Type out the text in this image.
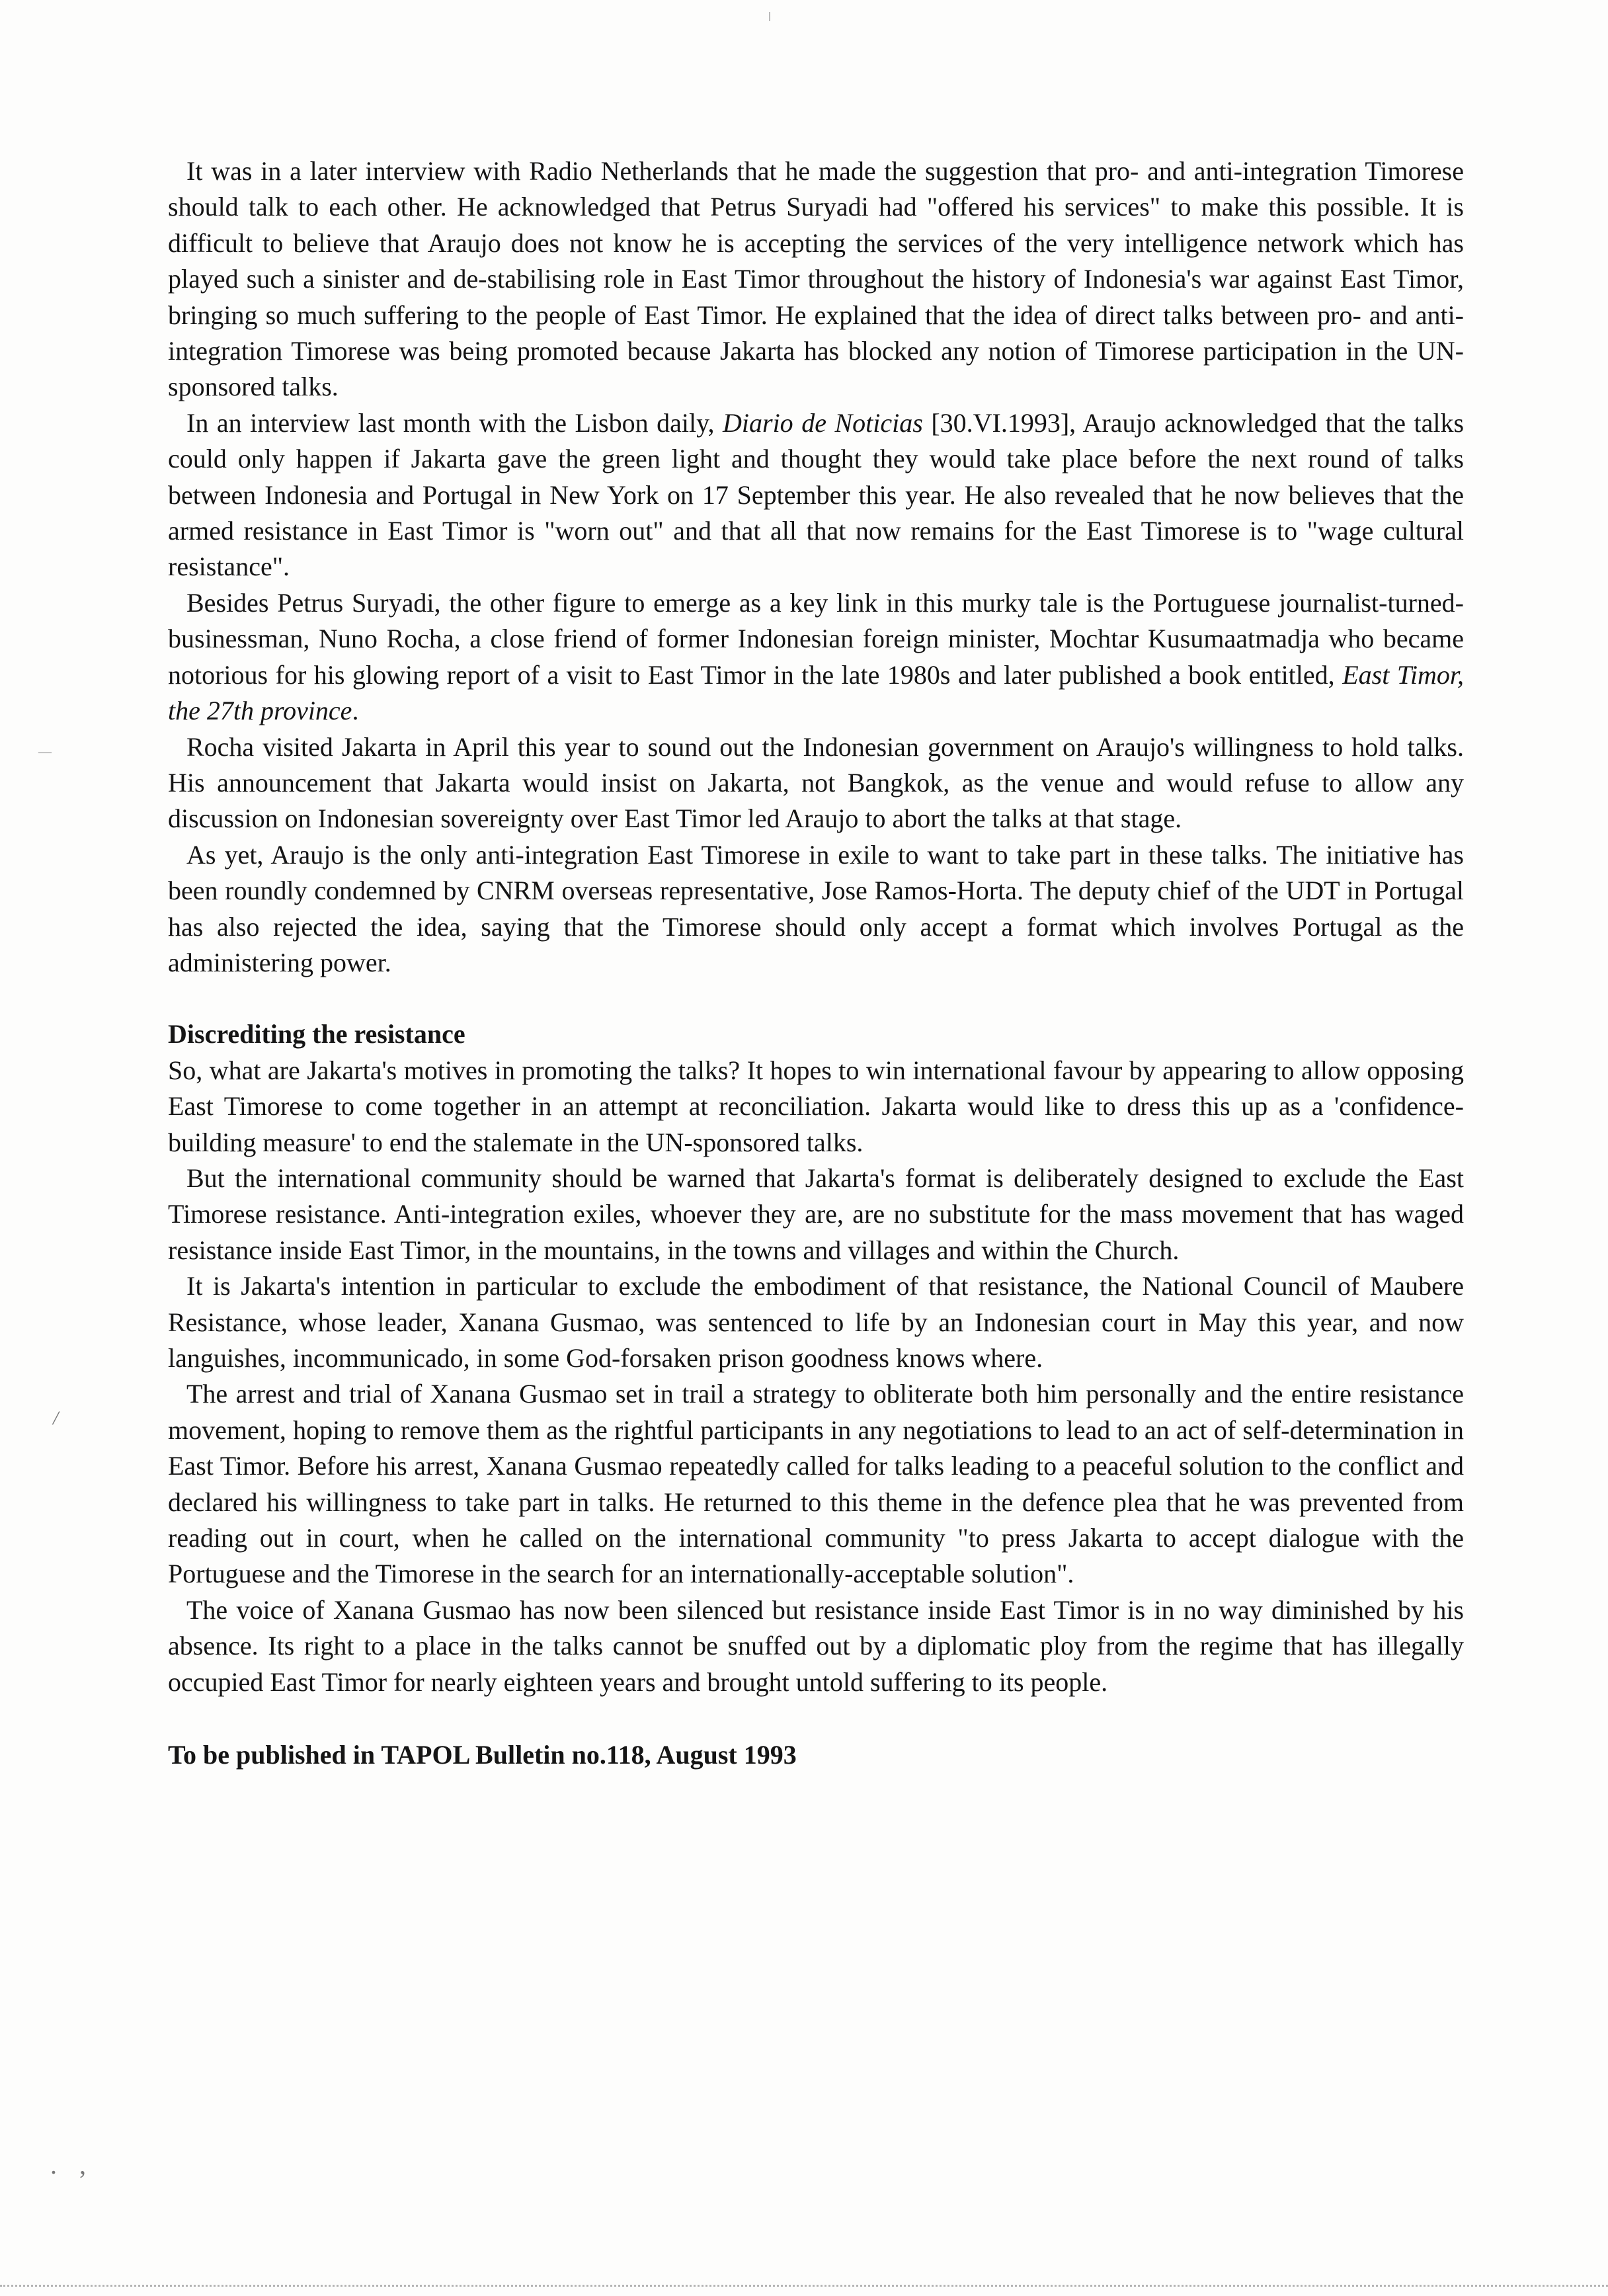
—
/
. ,

It was in a later interview with Radio Netherlands that he made the suggestion that pro- and anti-integration Timorese should talk to each other. He acknowledged that Petrus Suryadi had "offered his services" to make this possible. It is difficult to believe that Araujo does not know he is accepting the services of the very intelligence network which has played such a sinister and de-stabilising role in East Timor throughout the history of Indonesia's war against East Timor, bringing so much suffering to the people of East Timor. He explained that the idea of direct talks between pro- and anti-integration Timorese was being promoted because Jakarta has blocked any notion of Timorese participation in the UN-sponsored talks.

In an interview last month with the Lisbon daily, Diario de Noticias [30.VI.1993], Araujo acknowledged that the talks could only happen if Jakarta gave the green light and thought they would take place before the next round of talks between Indonesia and Portugal in New York on 17 September this year. He also revealed that he now believes that the armed resistance in East Timor is "worn out" and that all that now remains for the East Timorese is to "wage cultural resistance".

Besides Petrus Suryadi, the other figure to emerge as a key link in this murky tale is the Portuguese journalist-turned-businessman, Nuno Rocha, a close friend of former Indonesian foreign minister, Mochtar Kusumaatmadja who became notorious for his glowing report of a visit to East Timor in the late 1980s and later published a book entitled, East Timor, the 27th province.

Rocha visited Jakarta in April this year to sound out the Indonesian government on Araujo's willingness to hold talks. His announcement that Jakarta would insist on Jakarta, not Bangkok, as the venue and would refuse to allow any discussion on Indonesian sovereignty over East Timor led Araujo to abort the talks at that stage.

As yet, Araujo is the only anti-integration East Timorese in exile to want to take part in these talks. The initiative has been roundly condemned by CNRM overseas representative, Jose Ramos-Horta. The deputy chief of the UDT in Portugal has also rejected the idea, saying that the Timorese should only accept a format which involves Portugal as the administering power.

Discrediting the resistance

So, what are Jakarta's motives in promoting the talks? It hopes to win international favour by appearing to allow opposing East Timorese to come together in an attempt at reconciliation. Jakarta would like to dress this up as a 'confidence-building measure' to end the stalemate in the UN-sponsored talks.

But the international community should be warned that Jakarta's format is deliberately designed to exclude the East Timorese resistance. Anti-integration exiles, whoever they are, are no substitute for the mass movement that has waged resistance inside East Timor, in the mountains, in the towns and villages and within the Church.

It is Jakarta's intention in particular to exclude the embodiment of that resistance, the National Council of Maubere Resistance, whose leader, Xanana Gusmao, was sentenced to life by an Indonesian court in May this year, and now languishes, incommunicado, in some God-forsaken prison goodness knows where.

The arrest and trial of Xanana Gusmao set in trail a strategy to obliterate both him personally and the entire resistance movement, hoping to remove them as the rightful participants in any negotiations to lead to an act of self-determination in East Timor. Before his arrest, Xanana Gusmao repeatedly called for talks leading to a peaceful solution to the conflict and declared his willingness to take part in talks. He returned to this theme in the defence plea that he was prevented from reading out in court, when he called on the international community "to press Jakarta to accept dialogue with the Portuguese and the Timorese in the search for an internationally-acceptable solution".

The voice of Xanana Gusmao has now been silenced but resistance inside East Timor is in no way diminished by his absence. Its right to a place in the talks cannot be snuffed out by a diplomatic ploy from the regime that has illegally occupied East Timor for nearly eighteen years and brought untold suffering to its people.

To be published in TAPOL Bulletin no.118, August 1993
